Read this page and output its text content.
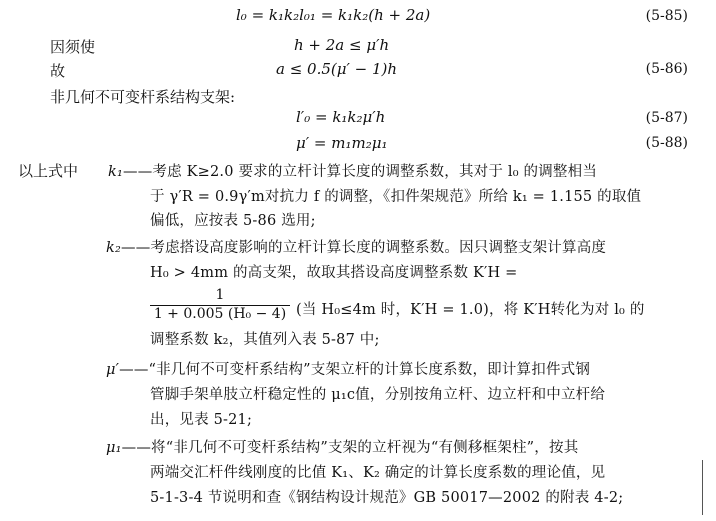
l₀ = k₁k₂l₀₁ = k₁k₂(h + 2a)	(5-85)
因须使	h + 2a ≤ μ′h
故	a ≤ 0.5(μ′ − 1)h	(5-86)
非几何不可变杆系结构支架:
l′₀ = k₁k₂μ′h	(5-87)
μ′ = m₁m₂μ₁	(5-88)
以上式中 k₁——考虑 K≥2.0 要求的立杆计算长度的调整系数，其对于 l₀ 的调整相当
于 γ′R = 0.9γ′m对抗力 f 的调整，《扣件架规范》所给 k₁ = 1.155 的取值
偏低，应按表 5-86 选用;
k₂——考虑搭设高度影响的立杆计算长度的调整系数。因只调整支架计算高度
H₀ > 4mm 的高支架，故取其搭设高度调整系数 K′H =
1
1 + 0.005 (H₀ − 4) (当 H₀≤4m 时，K′H = 1.0)，将 K′H转化为对 l₀ 的
调整系数 k₂，其值列入表 5-87 中;
μ′——“非几何不可变杆系结构”支架立杆的计算长度系数，即计算扣件式钢
管脚手架单肢立杆稳定性的 μ₁c值，分别按角立杆、边立杆和中立杆给
出，见表 5-21;
μ₁——将“非几何不可变杆系结构”支架的立杆视为“有侧移框架柱”，按其
两端交汇杆件线刚度的比值 K₁、K₂ 确定的计算长度系数的理论值，见
5-1-3-4 节说明和查《钢结构设计规范》GB 50017—2002 的附表 4-2;
